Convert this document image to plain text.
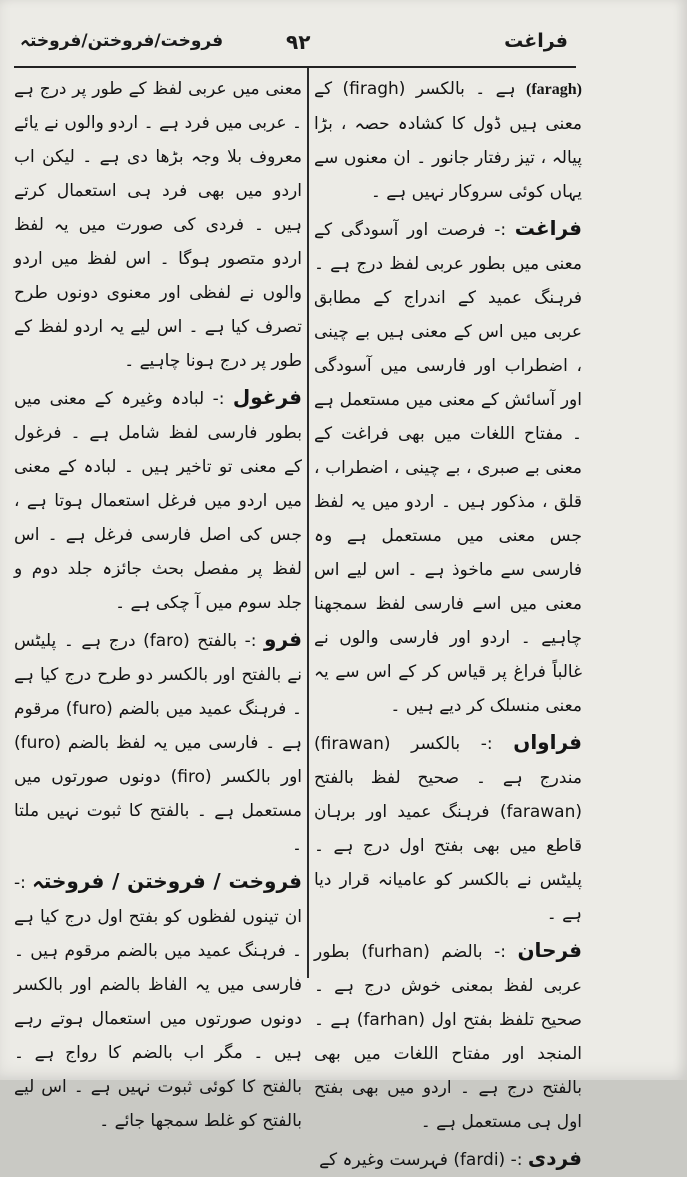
فروخت/فروختن/فروختہ	۹۲	فراغت

(faragh) ہے ۔ بالکسر ‎(firagh)‎ کے معنی ہیں ڈول کا کشادہ حصہ ، بڑا پیالہ ، تیز رفتار جانور ۔ ان معنوں سے یہاں کوئی سروکار نہیں ہے ۔

فراغت :- فرصت اور آسودگی کے معنی میں بطور عربی لفظ درج ہے ۔ فرہنگ عمید کے اندراج کے مطابق عربی میں اس کے معنی ہیں بے چینی ، اضطراب اور فارسی میں آسودگی اور آسائش کے معنی میں مستعمل ہے ۔ مفتاح اللغات میں بھی فراغت کے معنی بے صبری ، بے چینی ، اضطراب ، قلق ، مذکور ہیں ۔ اردو میں یہ لفظ جس معنی میں مستعمل ہے وہ فارسی سے ماخوذ ہے ۔ اس لیے اس معنی میں اسے فارسی لفظ سمجھنا چاہیے ۔ اردو اور فارسی والوں نے غالباً فراغ پر قیاس کر کے اس سے یہ معنی منسلک کر دیے ہیں ۔

فراواں :- بالکسر ‎(firawan)‎ مندرج ہے ۔ صحیح لفظ بالفتح ‎(farawan)‎ فرہنگ عمید اور برہان قاطع میں بھی بفتح اول درج ہے ۔ پلیٹس نے بالکسر کو عامیانہ قرار دیا ہے ۔

فرحان :- بالضم ‎(furhan)‎ بطور عربی لفظ بمعنی خوش درج ہے ۔ صحیح تلفظ بفتح اول ‎(farhan)‎ ہے ۔ المنجد اور مفتاح اللغات میں بھی بالفتح درج ہے ۔ اردو میں بھی بفتح اول ہی مستعمل ہے ۔

فردی :- ‎(fardi)‎ فہرست وغیرہ کے

معنی میں عربی لفظ کے طور پر درج ہے ۔ عربی میں فرد ہے ۔ اردو والوں نے یائے معروف بلا وجہ بڑھا دی ہے ۔ لیکن اب اردو میں بھی فرد ہی استعمال کرتے ہیں ۔ فردی کی صورت میں یہ لفظ اردو متصور ہوگا ۔ اس لفظ میں اردو والوں نے لفظی اور معنوی دونوں طرح تصرف کیا ہے ۔ اس لیے یہ اردو لفظ کے طور پر درج ہونا چاہیے ۔

فرغول :- لبادہ وغیرہ کے معنی میں بطور فارسی لفظ شامل ہے ۔ فرغول کے معنی تو تاخیر ہیں ۔ لبادہ کے معنی میں اردو میں فرغل استعمال ہوتا ہے ، جس کی اصل فارسی فرغل ہے ۔ اس لفظ پر مفصل بحث جائزہ جلد دوم و جلد سوم میں آ چکی ہے ۔

فرو :- بالفتح ‎(faro)‎ درج ہے ۔ پلیٹس نے بالفتح اور بالکسر دو طرح درج کیا ہے ۔ فرہنگ عمید میں بالضم ‎(furo)‎ مرقوم ہے ۔ فارسی میں یہ لفظ بالضم ‎(furo)‎ اور بالکسر ‎(firo)‎ دونوں صورتوں میں مستعمل ہے ۔ بالفتح کا ثبوت نہیں ملتا ۔

فروخت / فروختن / فروختہ :- ان تینوں لفظوں کو بفتح اول درج کیا ہے ۔ فرہنگ عمید میں بالضم مرقوم ہیں ۔ فارسی میں یہ الفاظ بالضم اور بالکسر دونوں صورتوں میں استعمال ہوتے رہے ہیں ۔ مگر اب بالضم کا رواج ہے ۔ بالفتح کا کوئی ثبوت نہیں ہے ۔ اس لیے بالفتح کو غلط سمجھا جائے ۔
